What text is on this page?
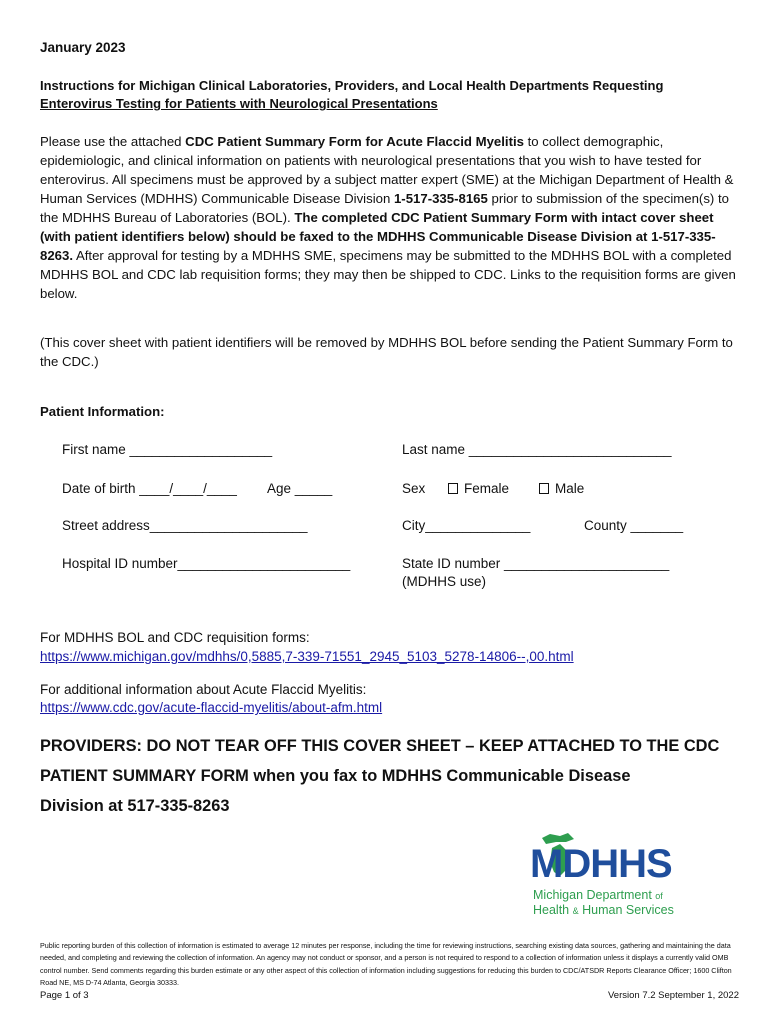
January 2023

Instructions for Michigan Clinical Laboratories, Providers, and Local Health Departments Requesting
Enterovirus Testing for Patients with Neurological Presentations

Please use the attached CDC Patient Summary Form for Acute Flaccid Myelitis to collect demographic, epidemiologic, and clinical information on patients with neurological presentations that you wish to have tested for enterovirus. All specimens must be approved by a subject matter expert (SME) at the Michigan Department of Health & Human Services (MDHHS) Communicable Disease Division 1-517-335-8165 prior to submission of the specimen(s) to the MDHHS Bureau of Laboratories (BOL). The completed CDC Patient Summary Form with intact cover sheet (with patient identifiers below) should be faxed to the MDHHS Communicable Disease Division at 1-517-335-8263. After approval for testing by a MDHHS SME, specimens may be submitted to the MDHHS BOL with a completed MDHHS BOL and CDC lab requisition forms; they may then be shipped to CDC. Links to the requisition forms are given below.

(This cover sheet with patient identifiers will be removed by MDHHS BOL before sending the Patient Summary Form to the CDC.)

Patient Information:

First name ___________________	Last name ___________________________
Date of birth ____/____/____ Age _____	Sex	Female	Male
Street address_____________________	City______________	County _______
Hospital ID number_______________________	State ID number ______________________
(MDHHS use)
For MDHHS BOL and CDC requisition forms:
https://www.michigan.gov/mdhhs/0,5885,7-339-71551_2945_5103_5278-14806--,00.html
For additional information about Acute Flaccid Myelitis:
https://www.cdc.gov/acute-flaccid-myelitis/about-afm.html
PROVIDERS: DO NOT TEAR OFF THIS COVER SHEET – KEEP ATTACHED TO THE CDC
PATIENT SUMMARY FORM when you fax to MDHHS Communicable Disease
Division at 517-335-8263
MDHHS
Michigan Department of
Health & Human Services

Public reporting burden of this collection of information is estimated to average 12 minutes per response, including the time for reviewing instructions, searching existing data sources, gathering and maintaining the data needed, and completing and reviewing the collection of information. An agency may not conduct or sponsor, and a person is not required to respond to a collection of information unless it displays a currently valid OMB control number. Send comments regarding this burden estimate or any other aspect of this collection of information including suggestions for reducing this burden to CDC/ATSDR Reports Clearance Officer; 1600 Clifton Road NE, MS D-74 Atlanta, Georgia 30333.

Page 1 of 3	Version 7.2 September 1, 2022
